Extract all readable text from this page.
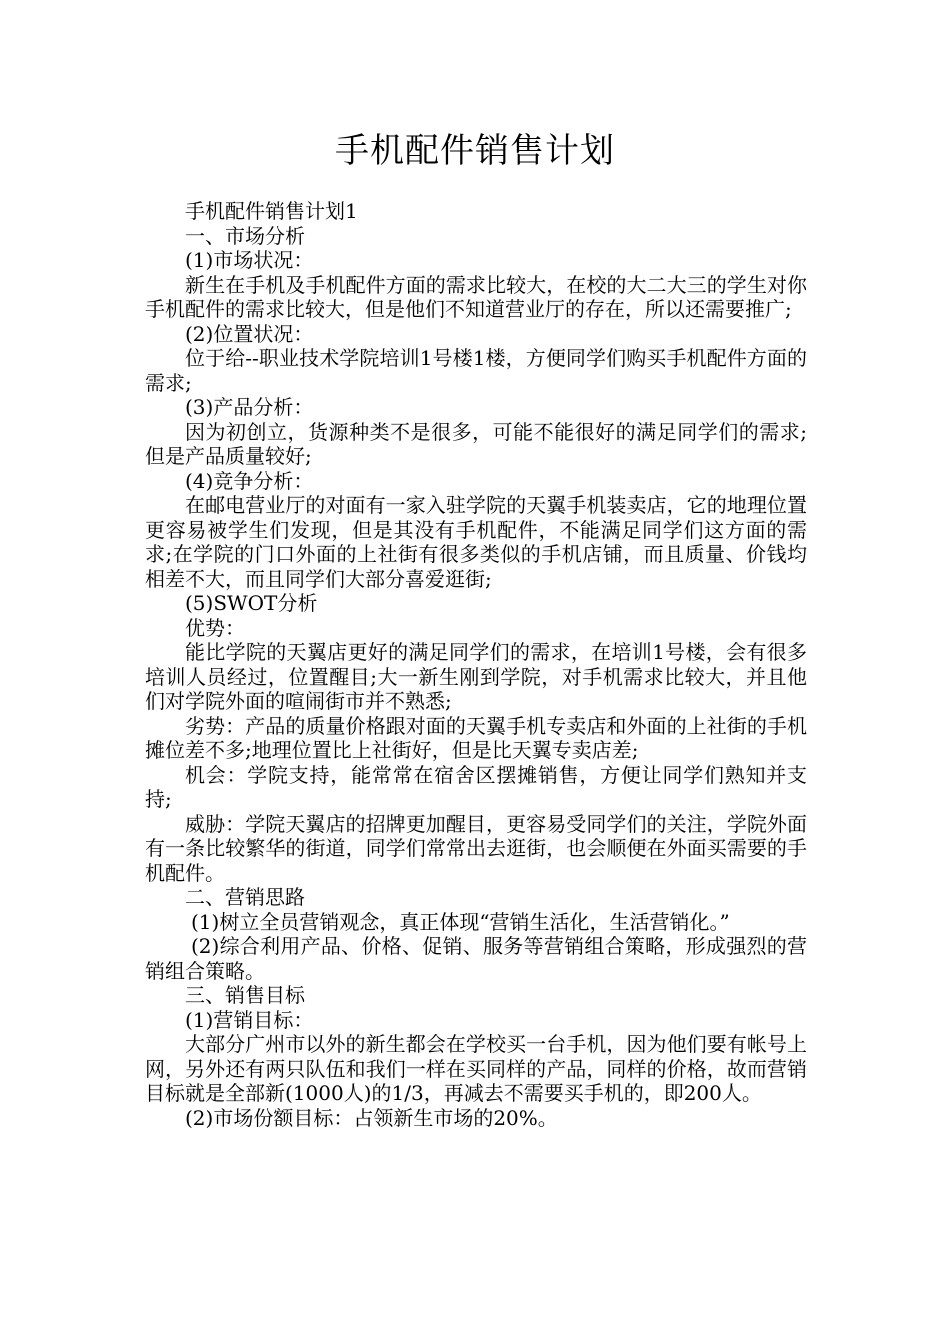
手机配件销售计划

手机配件销售计划1

一、市场分析

(1)市场状况：

新生在手机及手机配件方面的需求比较大，在校的大二大三的学生对你手机配件的需求比较大，但是他们不知道营业厅的存在，所以还需要推广;

(2)位置状况：

位于给--职业技术学院培训1号楼1楼，方便同学们购买手机配件方面的需求;

(3)产品分析：

因为初创立，货源种类不是很多，可能不能很好的满足同学们的需求;但是产品质量较好;

(4)竞争分析：

在邮电营业厅的对面有一家入驻学院的天翼手机装卖店，它的地理位置更容易被学生们发现，但是其没有手机配件，不能满足同学们这方面的需求;在学院的门口外面的上社街有很多类似的手机店铺，而且质量、价钱均相差不大，而且同学们大部分喜爱逛街;

(5)SWOT分析

优势：

能比学院的天翼店更好的满足同学们的需求，在培训1号楼，会有很多培训人员经过，位置醒目;大一新生刚到学院，对手机需求比较大，并且他们对学院外面的喧闹街市并不熟悉;

劣势：产品的质量价格跟对面的天翼手机专卖店和外面的上社街的手机摊位差不多;地理位置比上社街好，但是比天翼专卖店差;

机会：学院支持，能常常在宿舍区摆摊销售，方便让同学们熟知并支持;

威胁：学院天翼店的招牌更加醒目，更容易受同学们的关注，学院外面有一条比较繁华的街道，同学们常常出去逛街，也会顺便在外面买需要的手机配件。

二、营销思路

(1)树立全员营销观念，真正体现“营销生活化，生活营销化。”

(2)综合利用产品、价格、促销、服务等营销组合策略，形成强烈的营销组合策略。

三、销售目标

(1)营销目标：

大部分广州市以外的新生都会在学校买一台手机，因为他们要有帐号上网，另外还有两只队伍和我们一样在买同样的产品，同样的价格，故而营销目标就是全部新(1000人)的1/3，再减去不需要买手机的，即200人。

(2)市场份额目标：占领新生市场的20%。
